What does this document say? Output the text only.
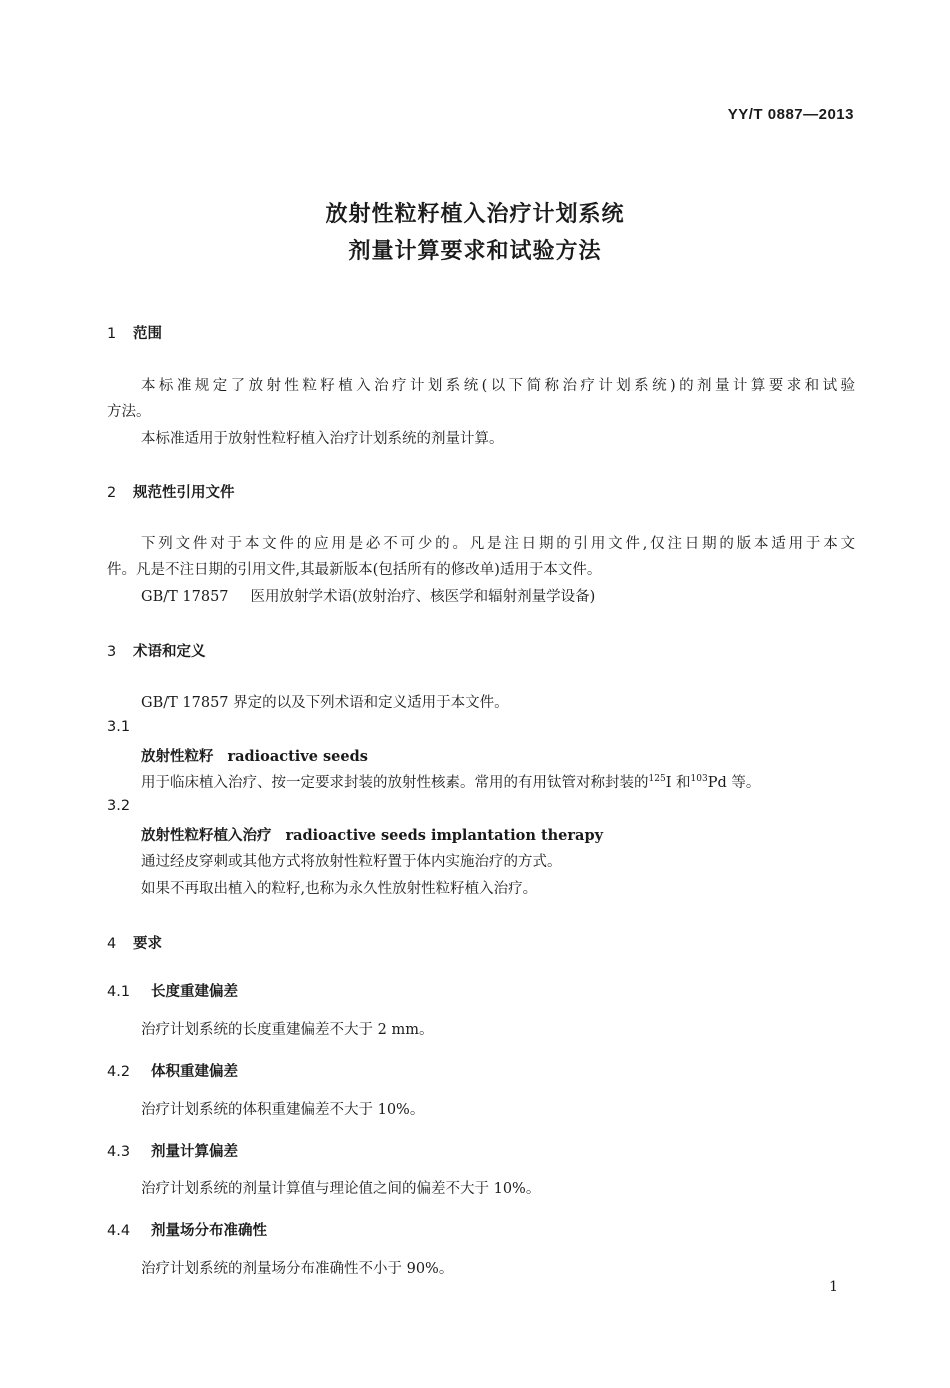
YY/T 0887—2013
放射性粒籽植入治疗计划系统
剂量计算要求和试验方法
1 范围
本标准规定了放射性粒籽植入治疗计划系统(以下简称治疗计划系统)的剂量计算要求和试验
方法。
本标准适用于放射性粒籽植入治疗计划系统的剂量计算。
2 规范性引用文件
下列文件对于本文件的应用是必不可少的。凡是注日期的引用文件,仅注日期的版本适用于本文
件。凡是不注日期的引用文件,其最新版本(包括所有的修改单)适用于本文件。
GB/T 17857 医用放射学术语(放射治疗、核医学和辐射剂量学设备)
3 术语和定义
GB/T 17857 界定的以及下列术语和定义适用于本文件。
3.1
放射性粒籽 radioactive seeds
用于临床植入治疗、按一定要求封装的放射性核素。常用的有用钛管对称封装的$^{125}$I 和$^{103}$Pd 等。
3.2
放射性粒籽植入治疗 radioactive seeds implantation therapy
通过经皮穿刺或其他方式将放射性粒籽置于体内实施治疗的方式。
如果不再取出植入的粒籽,也称为永久性放射性粒籽植入治疗。
4 要求
4.1 长度重建偏差
治疗计划系统的长度重建偏差不大于 2 mm。
4.2 体积重建偏差
治疗计划系统的体积重建偏差不大于 10%。
4.3 剂量计算偏差
治疗计划系统的剂量计算值与理论值之间的偏差不大于 10%。
4.4 剂量场分布准确性
治疗计划系统的剂量场分布准确性不小于 90%。
1
